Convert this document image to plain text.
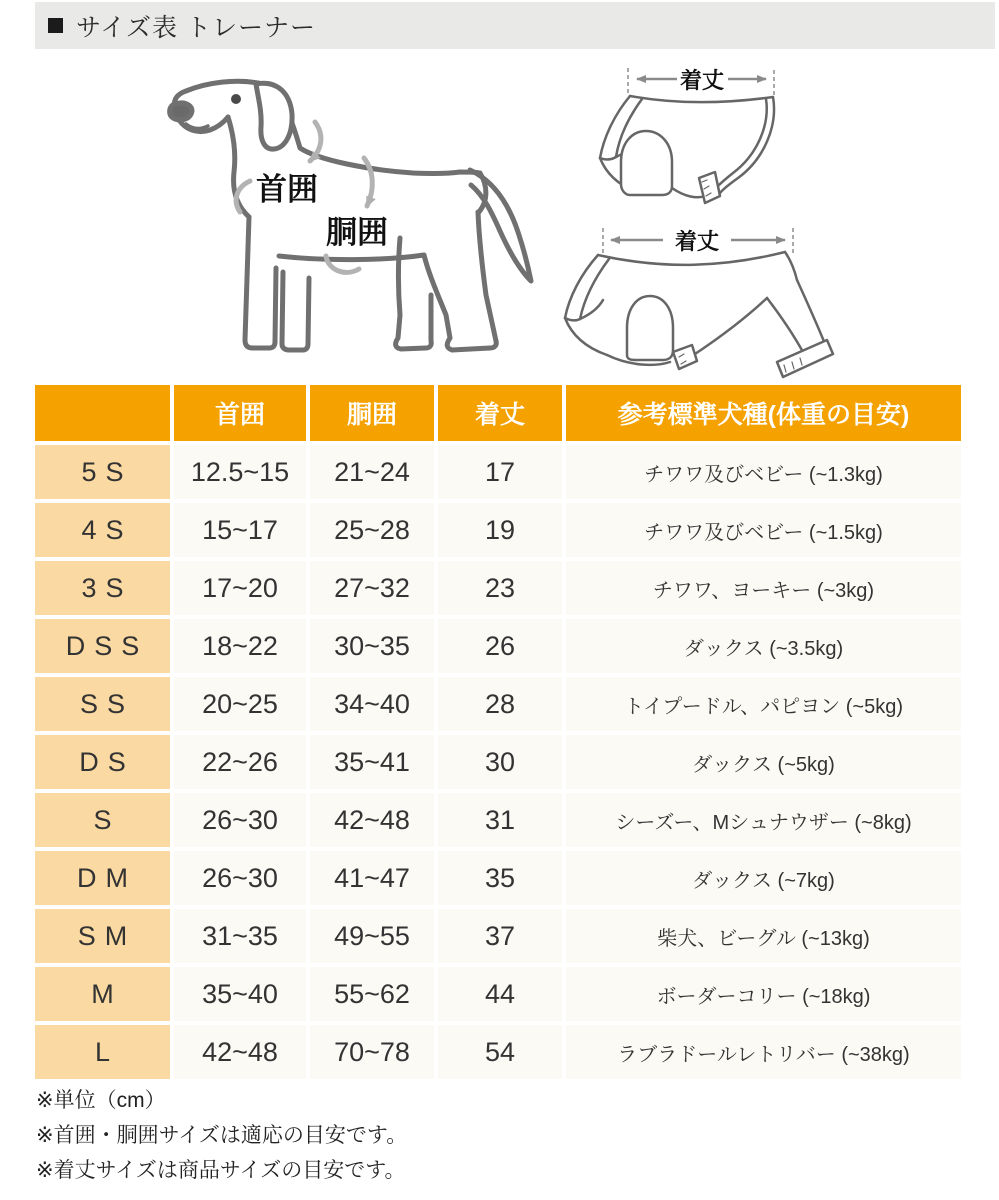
サイズ表 トレーナー
首囲
胴囲
着丈
着丈
	首囲	胴囲	着丈	参考標準犬種(体重の目安)
5S	12.5~15	21~24	17	チワワ及びベビー (~1.3kg)
4S	15~17	25~28	19	チワワ及びベビー (~1.5kg)
3S	17~20	27~32	23	チワワ、ヨーキー (~3kg)
DSS	18~22	30~35	26	ダックス (~3.5kg)
SS	20~25	34~40	28	トイプードル、パピヨン (~5kg)
DS	22~26	35~41	30	ダックス (~5kg)
S	26~30	42~48	31	シーズー、Mシュナウザー (~8kg)
DM	26~30	41~47	35	ダックス (~7kg)
SM	31~35	49~55	37	柴犬、ビーグル (~13kg)
M	35~40	55~62	44	ボーダーコリー (~18kg)
L	42~48	70~78	54	ラブラドールレトリバー (~38kg)
※単位（cm）
※首囲・胴囲サイズは適応の目安です。
※着丈サイズは商品サイズの目安です。
